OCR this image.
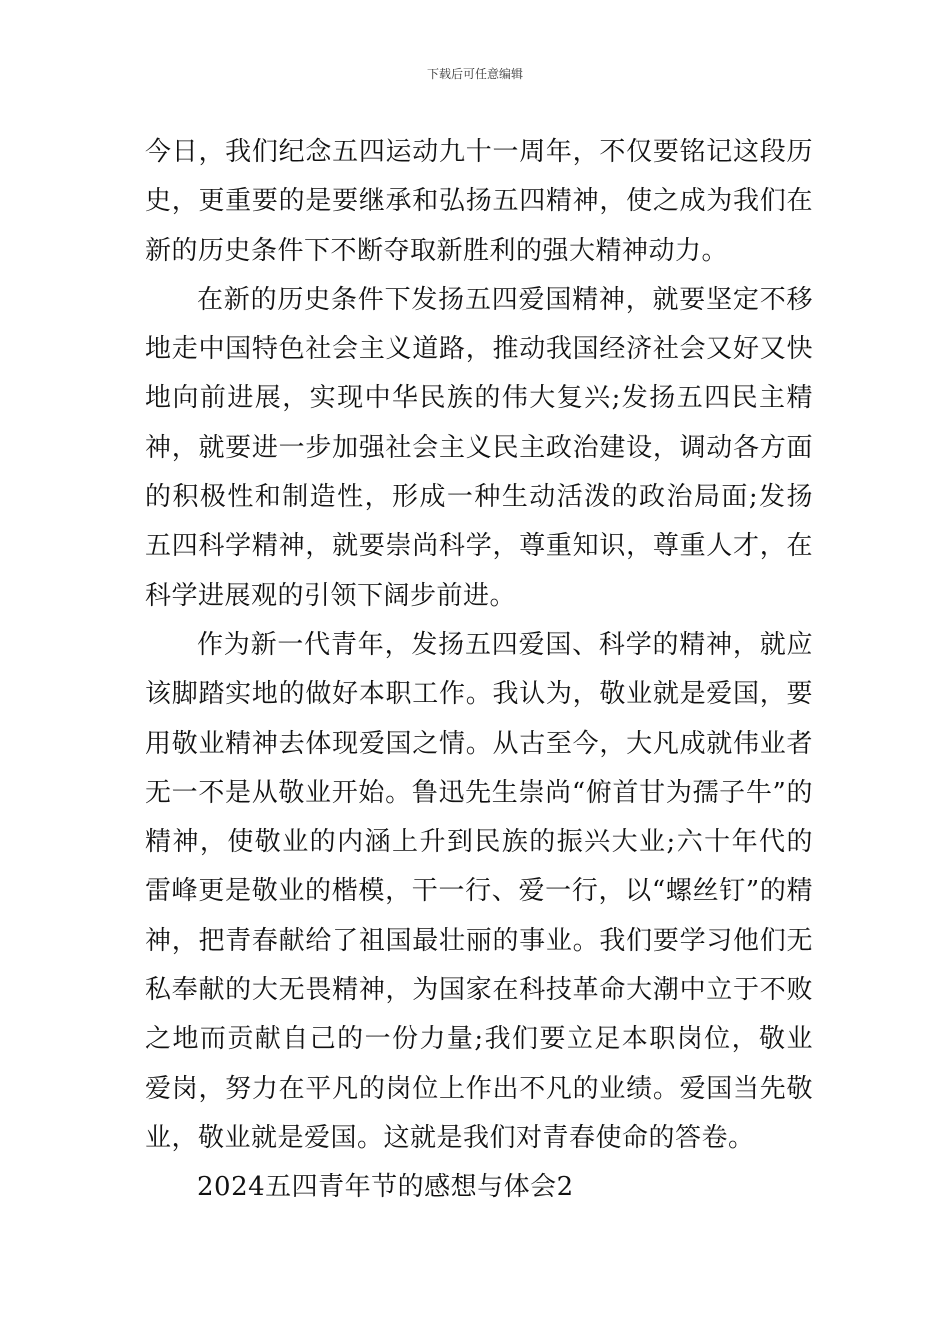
下载后可任意编辑

今日，我们纪念五四运动九十一周年，不仅要铭记这段历史，更重要的是要继承和弘扬五四精神，使之成为我们在新的历史条件下不断夺取新胜利的强大精神动力。

在新的历史条件下发扬五四爱国精神，就要坚定不移地走中国特色社会主义道路，推动我国经济社会又好又快地向前进展，实现中华民族的伟大复兴;发扬五四民主精神，就要进一步加强社会主义民主政治建设，调动各方面的积极性和制造性，形成一种生动活泼的政治局面;发扬五四科学精神，就要崇尚科学，尊重知识，尊重人才，在科学进展观的引领下阔步前进。

作为新一代青年，发扬五四爱国、科学的精神，就应该脚踏实地的做好本职工作。我认为，敬业就是爱国，要用敬业精神去体现爱国之情。从古至今，大凡成就伟业者无一不是从敬业开始。鲁迅先生崇尚“俯首甘为孺子牛”的精神，使敬业的内涵上升到民族的振兴大业;六十年代的雷峰更是敬业的楷模，干一行、爱一行，以“螺丝钉”的精神，把青春献给了祖国最壮丽的事业。我们要学习他们无私奉献的大无畏精神，为国家在科技革命大潮中立于不败之地而贡献自己的一份力量;我们要立足本职岗位，敬业爱岗，努力在平凡的岗位上作出不凡的业绩。爱国当先敬业，敬业就是爱国。这就是我们对青春使命的答卷。

2024五四青年节的感想与体会2
